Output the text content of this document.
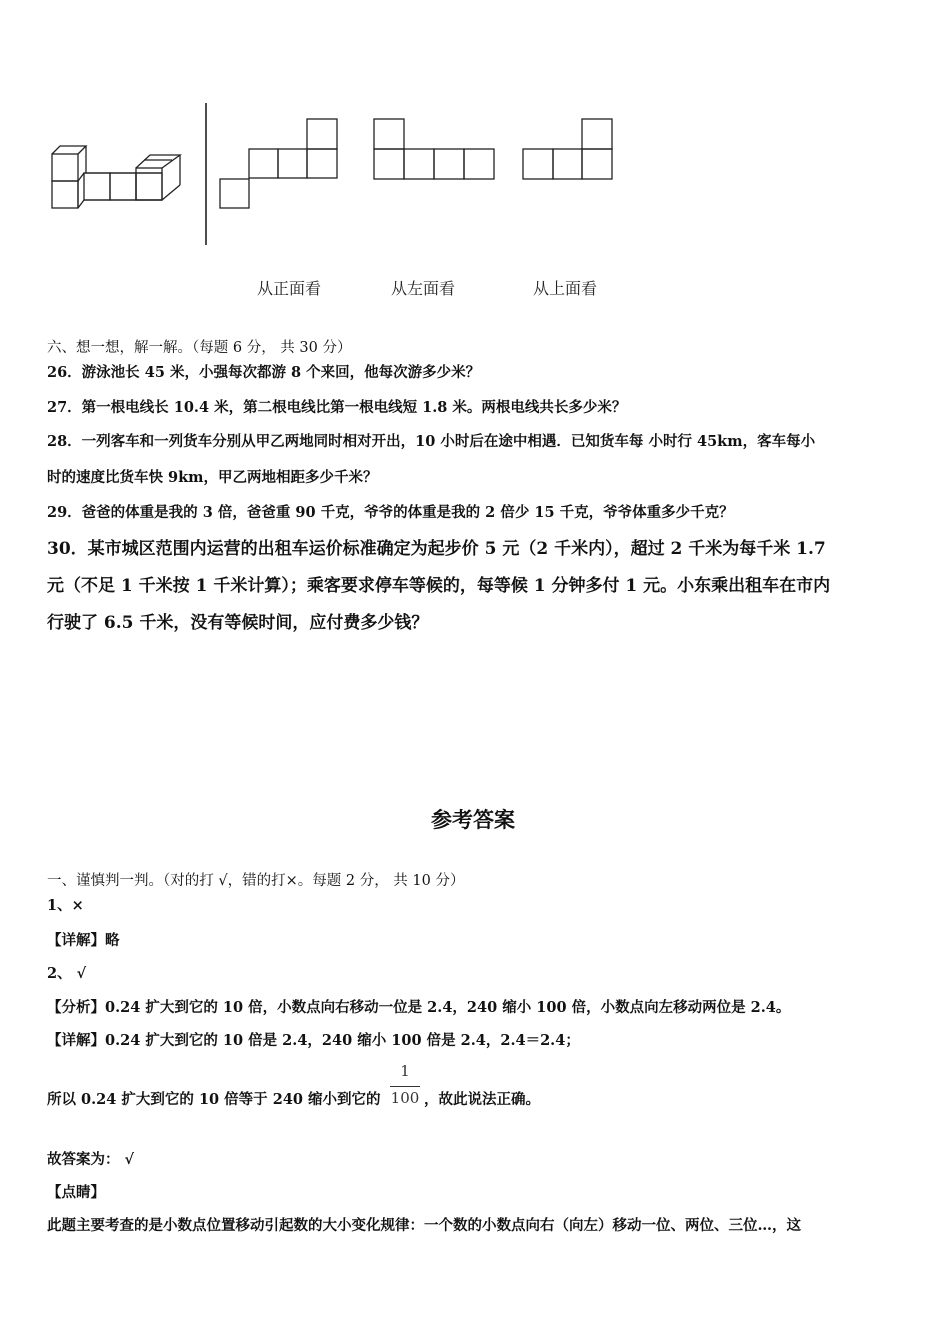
从正面看	从左面看	从上面看
六、想一想，解一解。（每题 6 分， 共 30 分）
26．游泳池长 45 米，小强每次都游 8 个来回，他每次游多少米？
27．第一根电线长 10.4 米，第二根电线比第一根电线短 1.8 米。两根电线共长多少米？
28．一列客车和一列货车分别从甲乙两地同时相对开出，10 小时后在途中相遇．已知货车每 小时行 45km，客车每小
时的速度比货车快 9km，甲乙两地相距多少千米？
29．爸爸的体重是我的 3 倍，爸爸重 90 千克，爷爷的体重是我的 2 倍少 15 千克，爷爷体重多少千克？
30．某市城区范围内运营的出租车运价标准确定为起步价 5 元（2 千米内），超过 2 千米为每千米 1.7
元（不足 1 千米按 1 千米计算）；乘客要求停车等候的，每等候 1 分钟多付 1 元。小东乘出租车在市内
行驶了 6.5 千米，没有等候时间，应付费多少钱？
参考答案
一、谨慎判一判。（对的打 √，错的打×。每题 2 分， 共 10 分）
1、×
【详解】略
2、 √
【分析】0.24 扩大到它的 10 倍，小数点向右移动一位是 2.4，240 缩小 100 倍，小数点向左移动两位是 2.4。
【详解】0.24 扩大到它的 10 倍是 2.4，240 缩小 100 倍是 2.4，2.4＝2.4；
所以 0.24 扩大到它的 10 倍等于 240 缩小到它的
1
100 ，故此说法正确。
故答案为： √
【点睛】
此题主要考查的是小数点位置移动引起数的大小变化规律：一个数的小数点向右（向左）移动一位、两位、三位…，这
